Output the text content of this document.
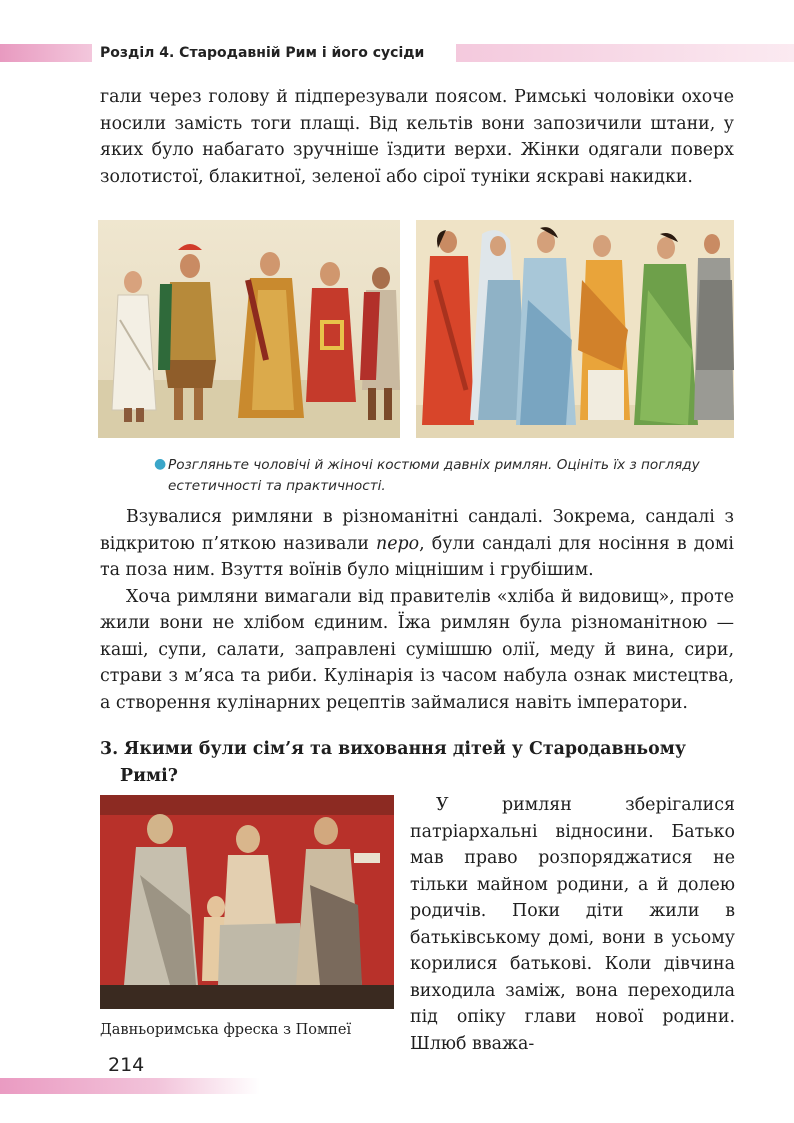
Розділ 4. Стародавній Рим і його сусіди

гали через голову й підперезували поясом. Римські чоловіки охоче носили замість тоги плащі. Від кельтів вони запозичили штани, у яких було набагато зручніше їздити верхи. Жінки одягали поверх золотистої, блакитної, зеленої або сірої туніки яскраві накидки.

● Розгляньте чоловічі й жіночі костюми давніх римлян. Оцініть їх з погляду естетичності та практичності.

Взувалися римляни в різноманітні сандалі. Зокрема, сандалі з відкритою п’яткою називали перо, були сандалі для носіння в домі та поза ним. Взуття воїнів було міцнішим і грубішим.

Хоча римляни вимагали від правителів «хліба й видовищ», проте жили вони не хлібом єдиним. Їжа римлян була різноманітною — каші, супи, салати, заправлені сумішшю олії, меду й вина, сири, страви з м’яса та риби. Кулінарія із часом набула ознак мистецтва, а створення кулінарних рецептів займалися навіть імператори.

3. Якими були сім’я та виховання дітей у Стародавньому
Римі?
Давньоримська фреска з Помпеї

У римлян зберігалися патріархальні відносини. Батько мав право розпоряджатися не тільки майном родини, а й долею родичів. Поки діти жили в батьківському домі, вони в усьому корилися батькові. Коли дівчина виходила заміж, вона переходила під опіку глави нової родини. Шлюб вважа-

214
